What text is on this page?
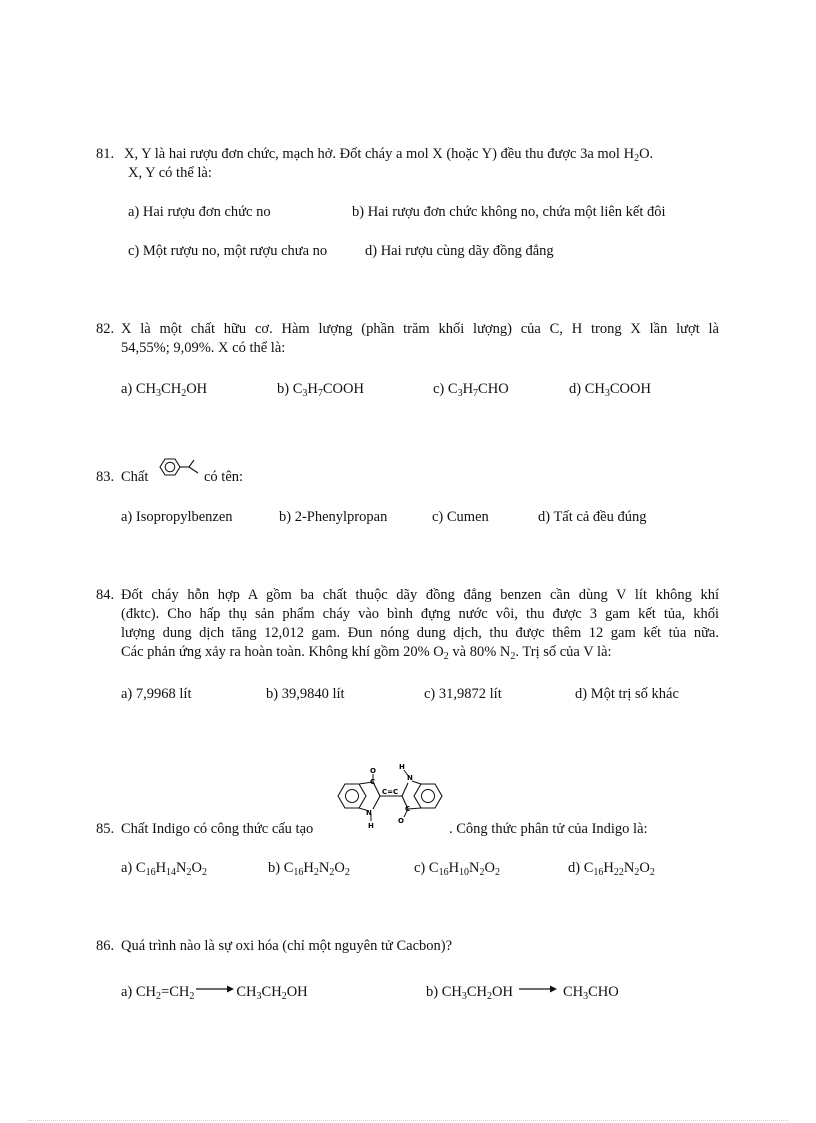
81. X, Y là hai rượu đơn chức, mạch hở. Đốt cháy a mol X (hoặc Y) đều thu được 3a mol $H_2O$.
X, Y có thể là:
a) Hai rượu đơn chức no	b) Hai rượu đơn chức không no, chứa một liên kết đôi
c) Một rượu no, một rượu chưa no	d) Hai rượu cùng dãy đồng đẳng
82. X là một chất hữu cơ. Hàm lượng (phần trăm khối lượng) của C, H trong X lần lượt là
54,55%; 9,09%. X có thể là:
a) $CH_3CH_2OH$	b) $C_3H_7COOH$	c) $C_3H_7CHO$	d) $CH_3COOH$
83. Chất	có tên:
a) Isopropylbenzen	b) 2-Phenylpropan	c) Cumen	d) Tất cả đều đúng
84. Đốt cháy hỗn hợp A gồm ba chất thuộc dãy đồng đẳng benzen cần dùng V lít không khí
(đktc). Cho hấp thụ sản phẩm cháy vào bình đựng nước vôi, thu được 3 gam kết tủa, khối
lượng dung dịch tăng 12,012 gam. Đun nóng dung dịch, thu được thêm 12 gam kết tủa nữa.
Các phản ứng xảy ra hoàn toàn. Không khí gồm 20% $O_2$ và 80% $N_2$. Trị số của V là:
a) 7,9968 lít	b) 39,9840 lít	c) 31,9872 lít	d) Một trị số khác
85. Chất Indigo có công thức cấu tạo
O
C
N
H
C=C
H
N
C
O	. Công thức phân tử của Indigo là:
a) $C_{16}H_{14}N_2O_2$	b) $C_{16}H_2N_2O_2$	c) $C_{16}H_{10}N_2O_2$	d) $C_{16}H_{22}N_2O_2$
86. Quá trình nào là sự oxi hóa (chỉ một nguyên tử Cacbon)?
a) $CH_2=CH_2 \to CH_3CH_2OH$	b) $CH_3CH_2OH \to CH_3CHO$
